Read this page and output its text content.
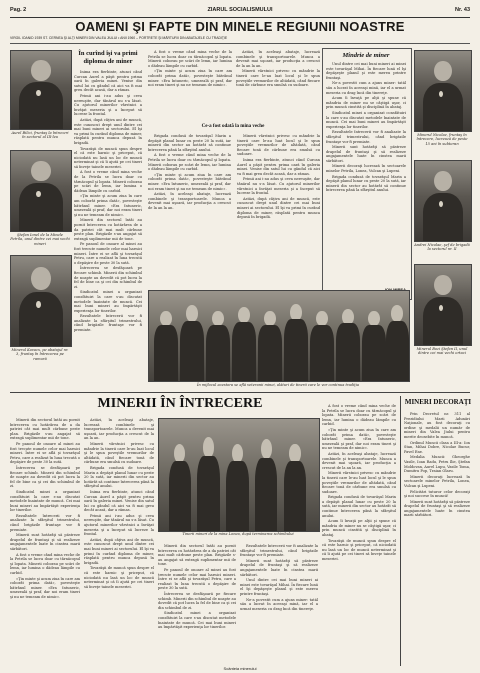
Pag. 2	ZIARUL SOCIALISMULUI	Nr. 43
OAMENI ŞI FAPTE DIN MINELE REGIUNII NOASTRE
VIRGIL IOANID 1939 ST. CERNEA ŞI ALŢI MINERI DIN VALEA JIULUI • ANII 1960 – PORTRETE ŞI MĂRTURII DIN ABATAJELE CU TRADIŢIE
Aurel Bilici, fruntaş la întreceri în sectorul al III-lea
Ştefan Ionel de la Minele Petrila, unul dintre cei mai vechi mineri
Minerul Kovacs, pe abatajul nr. 3, fruntaş în întrecerea pe ramură
În curînd îşi va primi diploma de miner

Inima era fierbinte, atunci când Curcan Aurel a păşit pentru prima oară în galeria minei. Venise din satul lui cu gândul că aici va fi mai greu decât acasă, dar a rămas.

Primii ani i-au adus şi ceva nereuşite, dar tânărul nu s-a lăsat. Cu ajutorul minerilor vârstnici a învăţat meseria şi a început să lucreze la frontal.

Astăzi, după câţiva ani de muncă, este cunoscut drept unul dintre cei mai buni mineri ai sectorului. El îşi va primi în curând diploma de miner, răsplată pentru munca depusă în brigadă.

Tovarăşii de muncă spun despre el că este harnic şi priceput, că niciodată nu lasă un loc de muncă neterminat şi că îi ajută pe cei tineri să înveţe tainele meseriei.

A fost o vreme când mina veche de la Petrila se lucra doar cu târnăcopul şi lopata. Minerii coborau pe scări de lemn, iar lumina o dădeau lămpile cu carbid.

«Ţin minte şi acum ziua în care am coborât prima dată», povesteşte bătrânul miner. «Era întuneric, umezeală şi praf, dar noi eram tineri şi nu ne temeam de nimic».

Minerii din sectorul întâi au pornit întrecerea cu hotărârea de a da patriei cât mai mult cărbune peste plan. Brigăzile s-au angajat să extragă suplimentar mii de tone.

Pe panoul de onoare al minei au fost trecute numele celor mai harnici mineri. Între ei se află şi tovarăşul Petru, care a realizat în luna trecută o depăşire de peste 30 la sută.

Întrecerea se desfăşoară pe fiecare schimb. Minerii din schimbul de noapte au dovedit că pot lucra la fel de bine ca şi cei din schimbul de zi.

Sindicatul minei a organizat consfătuiri la care s-au discutat metodele înaintate de muncă. Cei mai buni mineri au împărtăşit experienţa lor tinerilor.

Rezultatele întrecerii vor fi analizate la sfârşitul trimestrului, când brigăzile fruntaşe vor fi premiate.

Ce-a fost odată la mina veche

A fost o vreme când mina veche de la Petrila se lucra doar cu târnăcopul şi lopata. Minerii coborau pe scări de lemn, iar lumina o dădeau lămpile cu carbid.

«Ţin minte şi acum ziua în care am coborât prima dată», povesteşte bătrânul miner. «Era întuneric, umezeală şi praf, dar noi eram tineri şi nu ne temeam de nimic».

Astăzi, în aceleaşi abataje, lucrează combinele şi transportoarele. Munca a devenit mai uşoară, iar producţia a crescut de la an la an.

Minerii vârstnici privesc cu mândrie la tinerii care le-au luat locul şi le spun poveştile vremurilor de altădată, când fiecare tonă de cărbune era smulsă cu sudoare.

Brigada condusă de tovarăşul Marin a depăşit planul lunar cu peste 20 la sută, iar minerii din sector au hotărât să continue întrecerea până la sfârşitul anului.

A fost o vreme când mina veche de la Petrila se lucra doar cu târnăcopul şi lopata. Minerii coborau pe scări de lemn, iar lumina o dădeau lămpile cu carbid.

«Ţin minte şi acum ziua în care am coborât prima dată», povesteşte bătrânul miner. «Era întuneric, umezeală şi praf, dar noi eram tineri şi nu ne temeam de nimic».

Astăzi, în aceleaşi abataje, lucrează combinele şi transportoarele. Munca a devenit mai uşoară, iar producţia a crescut de la an la an.

Minerii vârstnici privesc cu mândrie la tinerii care le-au luat locul şi le spun poveştile vremurilor de altădată, când fiecare tonă de cărbune era smulsă cu sudoare.

Inima era fierbinte, atunci când Curcan Aurel a păşit pentru prima oară în galeria minei. Venise din satul lui cu gândul că aici va fi mai greu decât acasă, dar a rămas.

Primii ani i-au adus şi ceva nereuşite, dar tânărul nu s-a lăsat. Cu ajutorul minerilor vârstnici a învăţat meseria şi a început să lucreze la frontal.

Astăzi, după câţiva ani de muncă, este cunoscut drept unul dintre cei mai buni mineri ai sectorului. El îşi va primi în curând diploma de miner, răsplată pentru munca depusă în brigadă.

Mîndrie de miner

Unul dintre cei mai buni mineri ai minei este tovarăşul Mihai. În fiecare lună el îşi depăşeşte planul şi este mereu printre fruntaşi.

Ne-a povestit cum a ajuns miner: tatăl său a lucrat în aceeaşi mină, iar el a urmat meseria cu drag încă din tinereţe.

Acum îi învaţă pe alţii şi spune că mândria de miner nu se câştigă uşor, ci prin muncă cinstită şi disciplină în abataj.

Sindicatul minei a organizat consfătuiri la care s-au discutat metodele înaintate de muncă. Cei mai buni mineri au împărtăşit experienţa lor tinerilor.

Rezultatele întrecerii vor fi analizate la sfârşitul trimestrului, când brigăzile fruntaşe vor fi premiate.

Minerii sunt hotărâţi să păstreze drapelul de fruntaşi şi să realizeze angajamentele luate în cinstea marii sărbători.

Minerii decoraţi lucrează în sectoarele minelor Petrila, Lonea, Vulcan şi Lupeni.

Brigada condusă de tovarăşul Marin a depăşit planul lunar cu peste 20 la sută, iar minerii din sector au hotărât să continue întrecerea până la sfârşitul anului.

Minerul Nicolae, fruntaş în întrecere, lucrează de peste 15 ani în subteran
Andrei Nicolae, şef de brigadă la sectorul nr. II
Minerul Bozi Ştefan II, unul dintre cei mai vechi ortaci
În mijlocul acestora se află veteranii minei, alături de tinerii care le vor continua tradiţia
MINERII ÎN ÎNTRECERE

Minerii din sectorul întâi au pornit întrecerea cu hotărârea de a da patriei cât mai mult cărbune peste plan. Brigăzile s-au angajat să extragă suplimentar mii de tone.

Pe panoul de onoare al minei au fost trecute numele celor mai harnici mineri. Între ei se află şi tovarăşul Petru, care a realizat în luna trecută o depăşire de peste 30 la sută.

Întrecerea se desfăşoară pe fiecare schimb. Minerii din schimbul de noapte au dovedit că pot lucra la fel de bine ca şi cei din schimbul de zi.

Sindicatul minei a organizat consfătuiri la care s-au discutat metodele înaintate de muncă. Cei mai buni mineri au împărtăşit experienţa lor tinerilor.

Rezultatele întrecerii vor fi analizate la sfârşitul trimestrului, când brigăzile fruntaşe vor fi premiate.

Minerii sunt hotărâţi să păstreze drapelul de fruntaşi şi să realizeze angajamentele luate în cinstea marii sărbători.

A fost o vreme când mina veche de la Petrila se lucra doar cu târnăcopul şi lopata. Minerii coborau pe scări de lemn, iar lumina o dădeau lămpile cu carbid.

«Ţin minte şi acum ziua în care am coborât prima dată», povesteşte bătrânul miner. «Era întuneric, umezeală şi praf, dar noi eram tineri şi nu ne temeam de nimic».

Astăzi, în aceleaşi abataje, lucrează combinele şi transportoarele. Munca a devenit mai uşoară, iar producţia a crescut de la an la an.

Minerii vârstnici privesc cu mândrie la tinerii care le-au luat locul şi le spun poveştile vremurilor de altădată, când fiecare tonă de cărbune era smulsă cu sudoare.

Brigada condusă de tovarăşul Marin a depăşit planul lunar cu peste 20 la sută, iar minerii din sector au hotărât să continue întrecerea până la sfârşitul anului.

Inima era fierbinte, atunci când Curcan Aurel a păşit pentru prima oară în galeria minei. Venise din satul lui cu gândul că aici va fi mai greu decât acasă, dar a rămas.

Primii ani i-au adus şi ceva nereuşite, dar tânărul nu s-a lăsat. Cu ajutorul minerilor vârstnici a învăţat meseria şi a început să lucreze la frontal.

Astăzi, după câţiva ani de muncă, este cunoscut drept unul dintre cei mai buni mineri ai sectorului. El îşi va primi în curând diploma de miner, răsplată pentru munca depusă în brigadă.

Tovarăşii de muncă spun despre el că este harnic şi priceput, că niciodată nu lasă un loc de muncă neterminat şi că îi ajută pe cei tineri să înveţe tainele meseriei.

Tinerii mineri de la mina Lonea, după terminarea schimbului

Minerii din sectorul întâi au pornit întrecerea cu hotărârea de a da patriei cât mai mult cărbune peste plan. Brigăzile s-au angajat să extragă suplimentar mii de tone.

Pe panoul de onoare al minei au fost trecute numele celor mai harnici mineri. Între ei se află şi tovarăşul Petru, care a realizat în luna trecută o depăşire de peste 30 la sută.

Întrecerea se desfăşoară pe fiecare schimb. Minerii din schimbul de noapte au dovedit că pot lucra la fel de bine ca şi cei din schimbul de zi.

Sindicatul minei a organizat consfătuiri la care s-au discutat metodele înaintate de muncă. Cei mai buni mineri au împărtăşit experienţa lor tinerilor.

Rezultatele întrecerii vor fi analizate la sfârşitul trimestrului, când brigăzile fruntaşe vor fi premiate.

Minerii sunt hotărâţi să păstreze drapelul de fruntaşi şi să realizeze angajamentele luate în cinstea marii sărbători.

Unul dintre cei mai buni mineri ai minei este tovarăşul Mihai. În fiecare lună el îşi depăşeşte planul şi este mereu printre fruntaşi.

Ne-a povestit cum a ajuns miner: tatăl său a lucrat în aceeaşi mină, iar el a urmat meseria cu drag încă din tinereţe.

A fost o vreme când mina veche de la Petrila se lucra doar cu târnăcopul şi lopata. Minerii coborau pe scări de lemn, iar lumina o dădeau lămpile cu carbid.

«Ţin minte şi acum ziua în care am coborât prima dată», povesteşte bătrânul miner. «Era întuneric, umezeală şi praf, dar noi eram tineri şi nu ne temeam de nimic».

Astăzi, în aceleaşi abataje, lucrează combinele şi transportoarele. Munca a devenit mai uşoară, iar producţia a crescut de la an la an.

Minerii vârstnici privesc cu mândrie la tinerii care le-au luat locul şi le spun poveştile vremurilor de altădată, când fiecare tonă de cărbune era smulsă cu sudoare.

Brigada condusă de tovarăşul Marin a depăşit planul lunar cu peste 20 la sută, iar minerii din sector au hotărât să continue întrecerea până la sfârşitul anului.

Acum îi învaţă pe alţii şi spune că mândria de miner nu se câştigă uşor, ci prin muncă cinstită şi disciplină în abataj.

Tovarăşii de muncă spun despre el că este harnic şi priceput, că niciodată nu lasă un loc de muncă neterminat şi că îi ajută pe cei tineri să înveţe tainele meseriei.

MINERI DECORAŢI

Prin Decretul nr. 311 al Prezidiului Marii Adunări Naţionale, au fost decoraţi cu ordine şi medalii un număr de mineri din Valea Jiului pentru merite deosebite în muncă.

Ordinul Muncii clasa a III-a: Ion Stan, Mihai Dobre, Nicolae Bucur, Pavel Ene.

Medalia Muncii: Gheorghe Vasile, Ioan Radu, Petru Ilie, Ştefan Moldovan, Aurel Lupu, Vasile Toma, Dumitru Pop, Traian Olaru.

Minerii decoraţi lucrează în sectoarele minelor Petrila, Lonea, Vulcan şi Lupeni.

Felicitări tuturor celor decoraţi şi noi succese în muncă!

Minerii sunt hotărâţi să păstreze drapelul de fruntaşi şi să realizeze angajamentele luate în cinstea marii sărbători.

Scânteia minerului
